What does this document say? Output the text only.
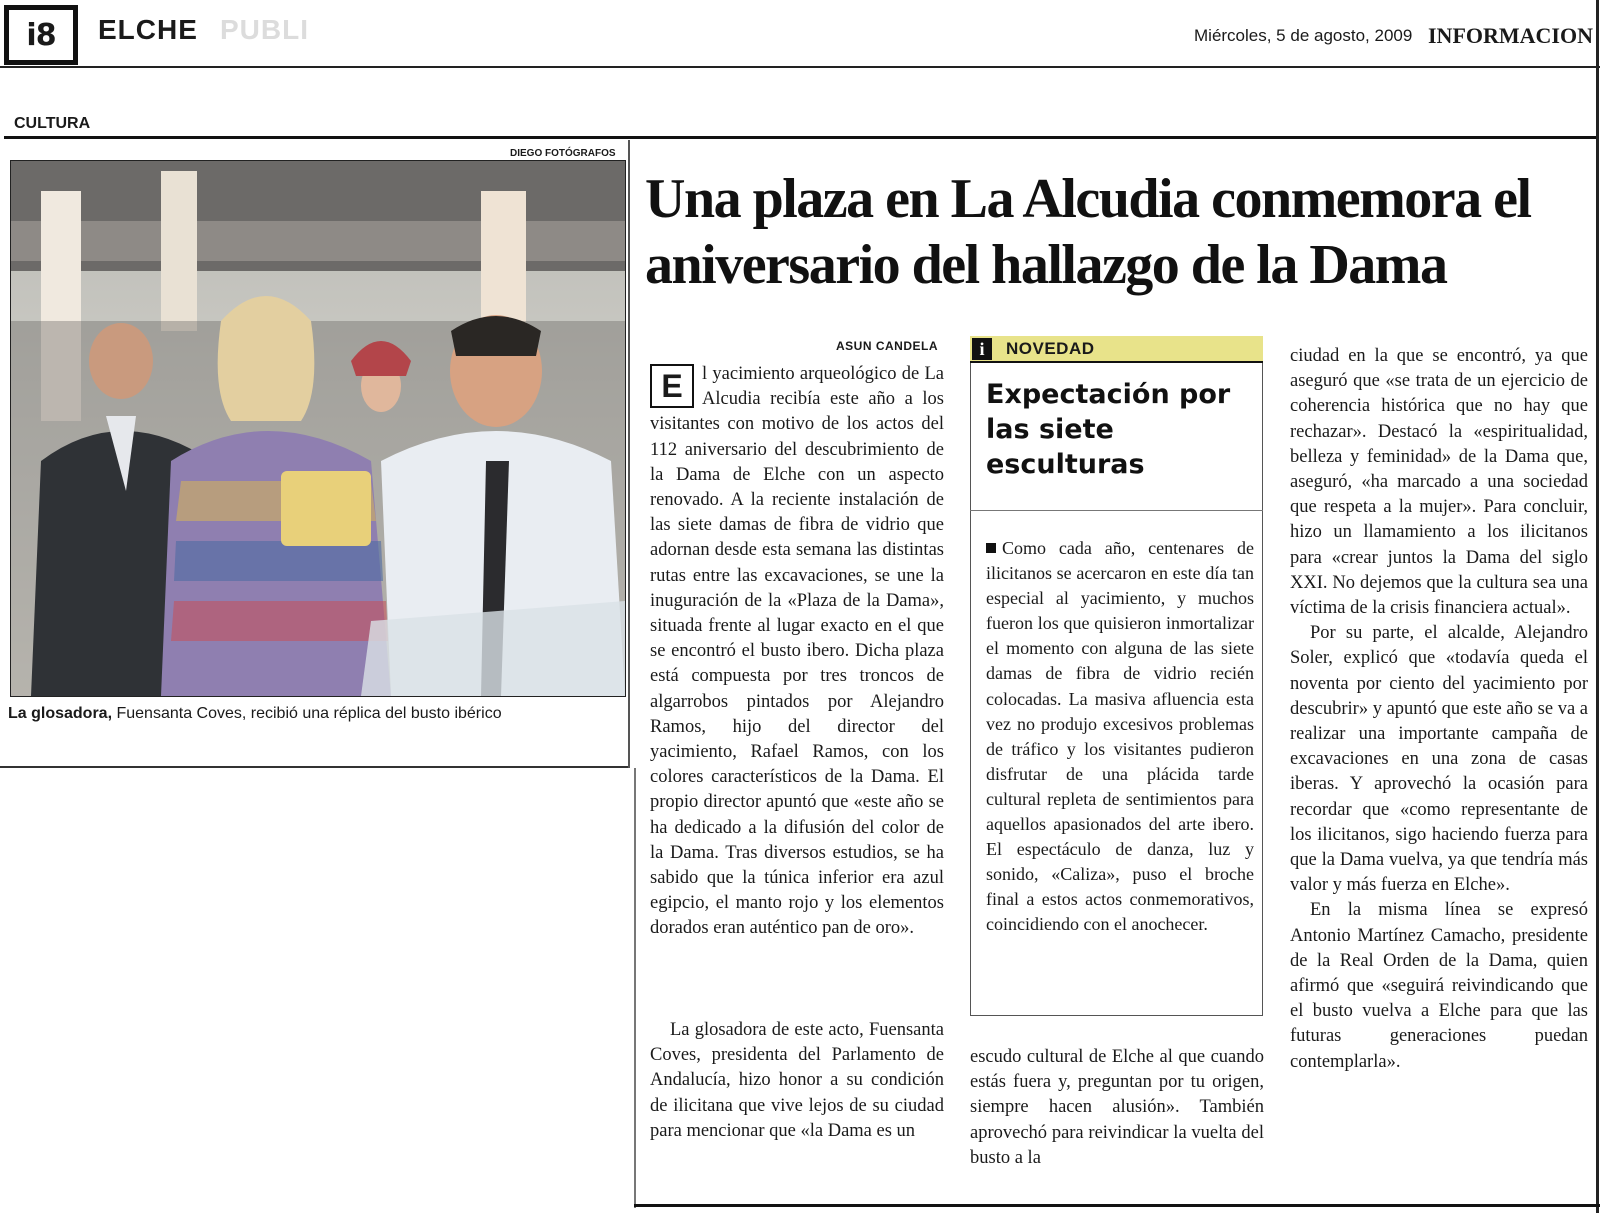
i8	ELCHE PUBLI	Miércoles, 5 de agosto, 2009 INFORMACION
CULTURA
DIEGO FOTÓGRAFOS
La glosadora, Fuensanta Coves, recibió una réplica del busto ibérico
Una plaza en La Alcudia conmemora el aniversario del hallazgo de la Dama
ASUN CANDELA

l yacimiento arqueológico de La Alcudia recibía este año a los visitantes con motivo de los actos del 112 aniversario del descubrimiento de la Dama de Elche con un aspecto renovado. A la reciente instalación de las siete damas de fibra de vidrio que adornan desde esta semana las distintas rutas entre las excavaciones, se une la inuguración de la «Plaza de la Dama», situada frente al lugar exacto en el que se encontró el busto ibero. Dicha plaza está compuesta por tres troncos de algarrobos pintados por Alejandro Ramos, hijo del director del yacimiento, Rafael Ramos, con los colores característicos de la Dama. El propio director apuntó que «este año se ha dedicado a la difusión del color de la Dama. Tras diversos estudios, se ha sabido que la túnica inferior era azul egipcio, el manto rojo y los elementos dorados eran auténtico pan de oro».

E

La glosadora de este acto, Fuensanta Coves, presidenta del Parlamento de Andalucía, hizo honor a su condición de ilicitana que vive lejos de su ciudad para mencionar que «la Dama es un

i	NOVEDAD
Expectación por las siete esculturas
Como cada año, centenares de ilicitanos se acercaron en este día tan especial al yacimiento, y muchos fueron los que quisieron inmortalizar el momento con alguna de las siete damas de fibra de vidrio recién colocadas. La masiva afluencia esta vez no produjo excesivos problemas de tráfico y los visitantes pudieron disfrutar de una plácida tarde cultural repleta de sentimientos para aquellos apasionados del arte ibero. El espectáculo de danza, luz y sonido, «Caliza», puso el broche final a estos actos conmemorativos, coincidiendo con el anochecer.

escudo cultural de Elche al que cuando estás fuera y, preguntan por tu origen, siempre hacen alusión». También aprovechó para reivindicar la vuelta del busto a la

ciudad en la que se encontró, ya que aseguró que «se trata de un ejercicio de coherencia histórica que no hay que rechazar». Destacó la «espiritualidad, belleza y feminidad» de la Dama que, aseguró, «ha marcado a una sociedad que respeta a la mujer». Para concluir, hizo un llamamiento a los ilicitanos para «crear juntos la Dama del siglo XXI. No dejemos que la cultura sea una víctima de la crisis financiera actual».

Por su parte, el alcalde, Alejandro Soler, explicó que «todavía queda el noventa por ciento del yacimiento por descubrir» y apuntó que este año se va a realizar una importante campaña de excavaciones en una zona de casas iberas. Y aprovechó la ocasión para recordar que «como representante de los ilicitanos, sigo haciendo fuerza para que la Dama vuelva, ya que tendría más valor y más fuerza en Elche».

En la misma línea se expresó Antonio Martínez Camacho, presidente de la Real Orden de la Dama, quien afirmó que «seguirá reivindicando que el busto vuelva a Elche para que las futuras generaciones puedan contemplarla».
